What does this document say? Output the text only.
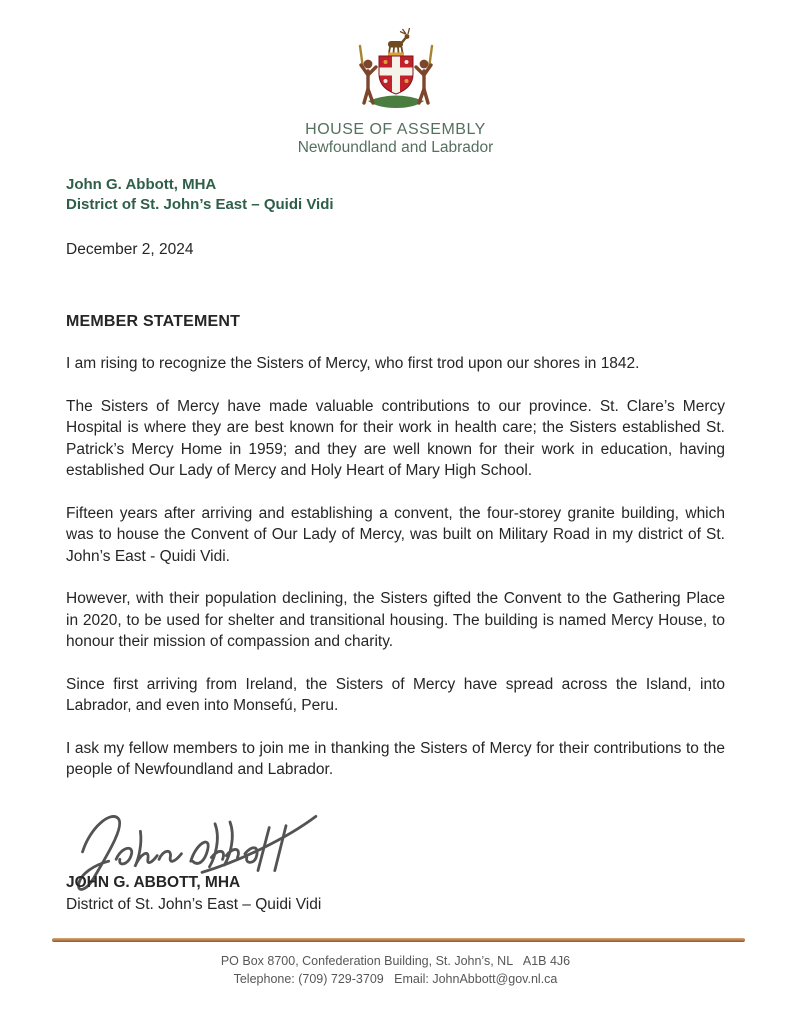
HOUSE OF ASSEMBLY
Newfoundland and Labrador
John G. Abbott, MHA
District of St. John’s East – Quidi Vidi
December 2, 2024
MEMBER STATEMENT

I am rising to recognize the Sisters of Mercy, who first trod upon our shores in 1842.

The Sisters of Mercy have made valuable contributions to our province. St. Clare’s Mercy Hospital is where they are best known for their work in health care; the Sisters established St. Patrick’s Mercy Home in 1959; and they are well known for their work in education, having established Our Lady of Mercy and Holy Heart of Mary High School.

Fifteen years after arriving and establishing a convent, the four-storey granite building, which was to house the Convent of Our Lady of Mercy, was built on Military Road in my district of St. John’s East - Quidi Vidi.

However, with their population declining, the Sisters gifted the Convent to the Gathering Place in 2020, to be used for shelter and transitional housing. The building is named Mercy House, to honour their mission of compassion and charity.

Since first arriving from Ireland, the Sisters of Mercy have spread across the Island, into Labrador, and even into Monsefú, Peru.

I ask my fellow members to join me in thanking the Sisters of Mercy for their contributions to the people of Newfoundland and Labrador.

JOHN G. ABBOTT, MHA
District of St. John’s East – Quidi Vidi
PO Box 8700, Confederation Building, St. John’s, NL   A1B 4J6
Telephone: (709) 729-3709   Email: JohnAbbott@gov.nl.ca
